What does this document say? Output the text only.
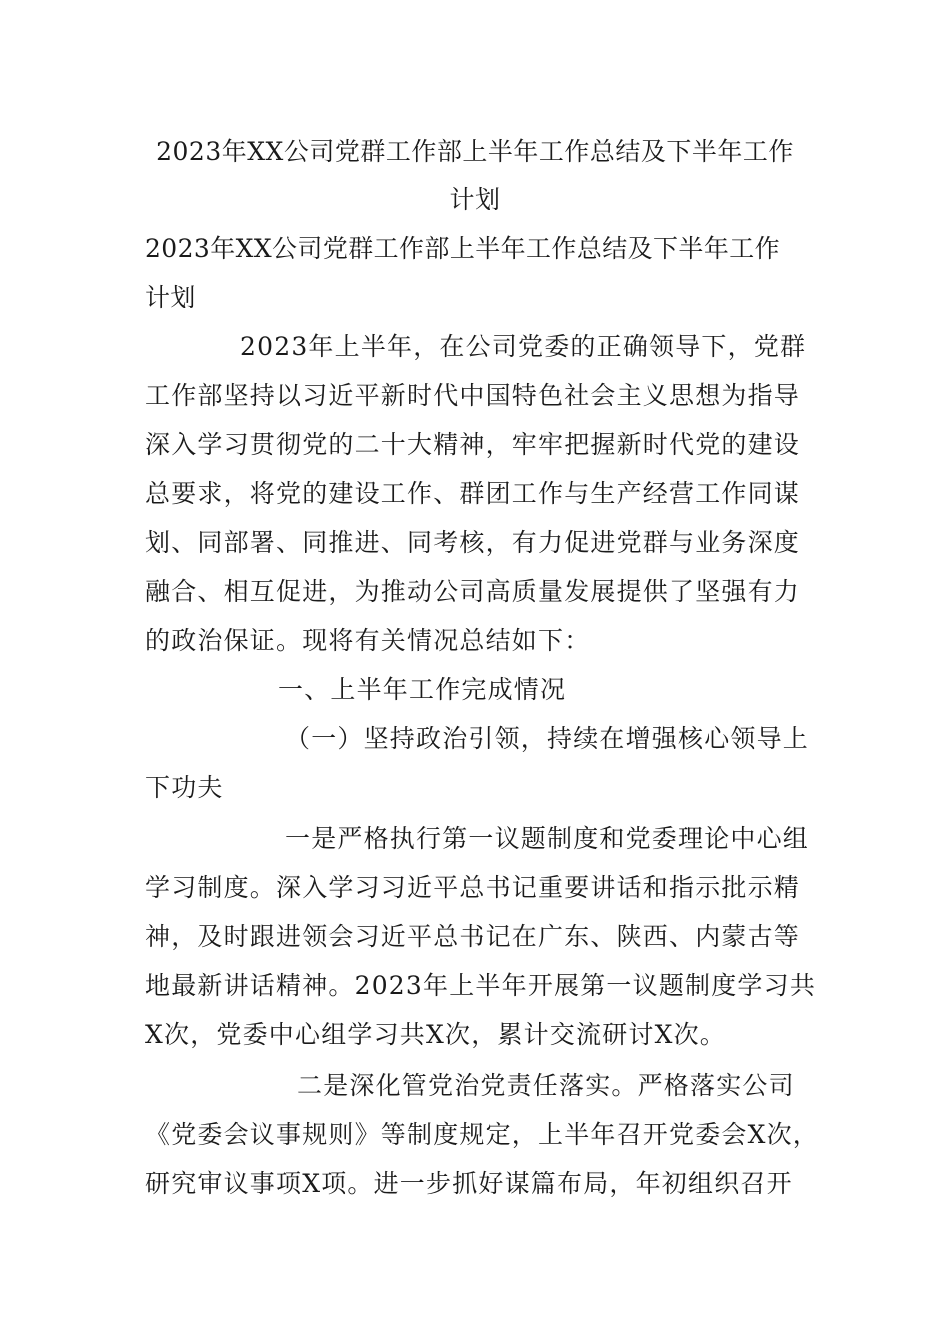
2023年XX公司党群工作部上半年工作总结及下半年工作

计划

2023年XX公司党群工作部上半年工作总结及下半年工作

计划

2023年上半年，在公司党委的正确领导下，党群

工作部坚持以习近平新时代中国特色社会主义思想为指导

深入学习贯彻党的二十大精神，牢牢把握新时代党的建设

总要求，将党的建设工作、群团工作与生产经营工作同谋

划、同部署、同推进、同考核，有力促进党群与业务深度

融合、相互促进，为推动公司高质量发展提供了坚强有力

的政治保证。现将有关情况总结如下：

一、上半年工作完成情况

（一）坚持政治引领，持续在增强核心领导上

下功夫

一是严格执行第一议题制度和党委理论中心组

学习制度。深入学习习近平总书记重要讲话和指示批示精

神，及时跟进领会习近平总书记在广东、陕西、内蒙古等

地最新讲话精神。2023年上半年开展第一议题制度学习共

X次，党委中心组学习共X次，累计交流研讨X次。

二是深化管党治党责任落实。严格落实公司

《党委会议事规则》等制度规定，上半年召开党委会X次，

研究审议事项X项。进一步抓好谋篇布局，年初组织召开
